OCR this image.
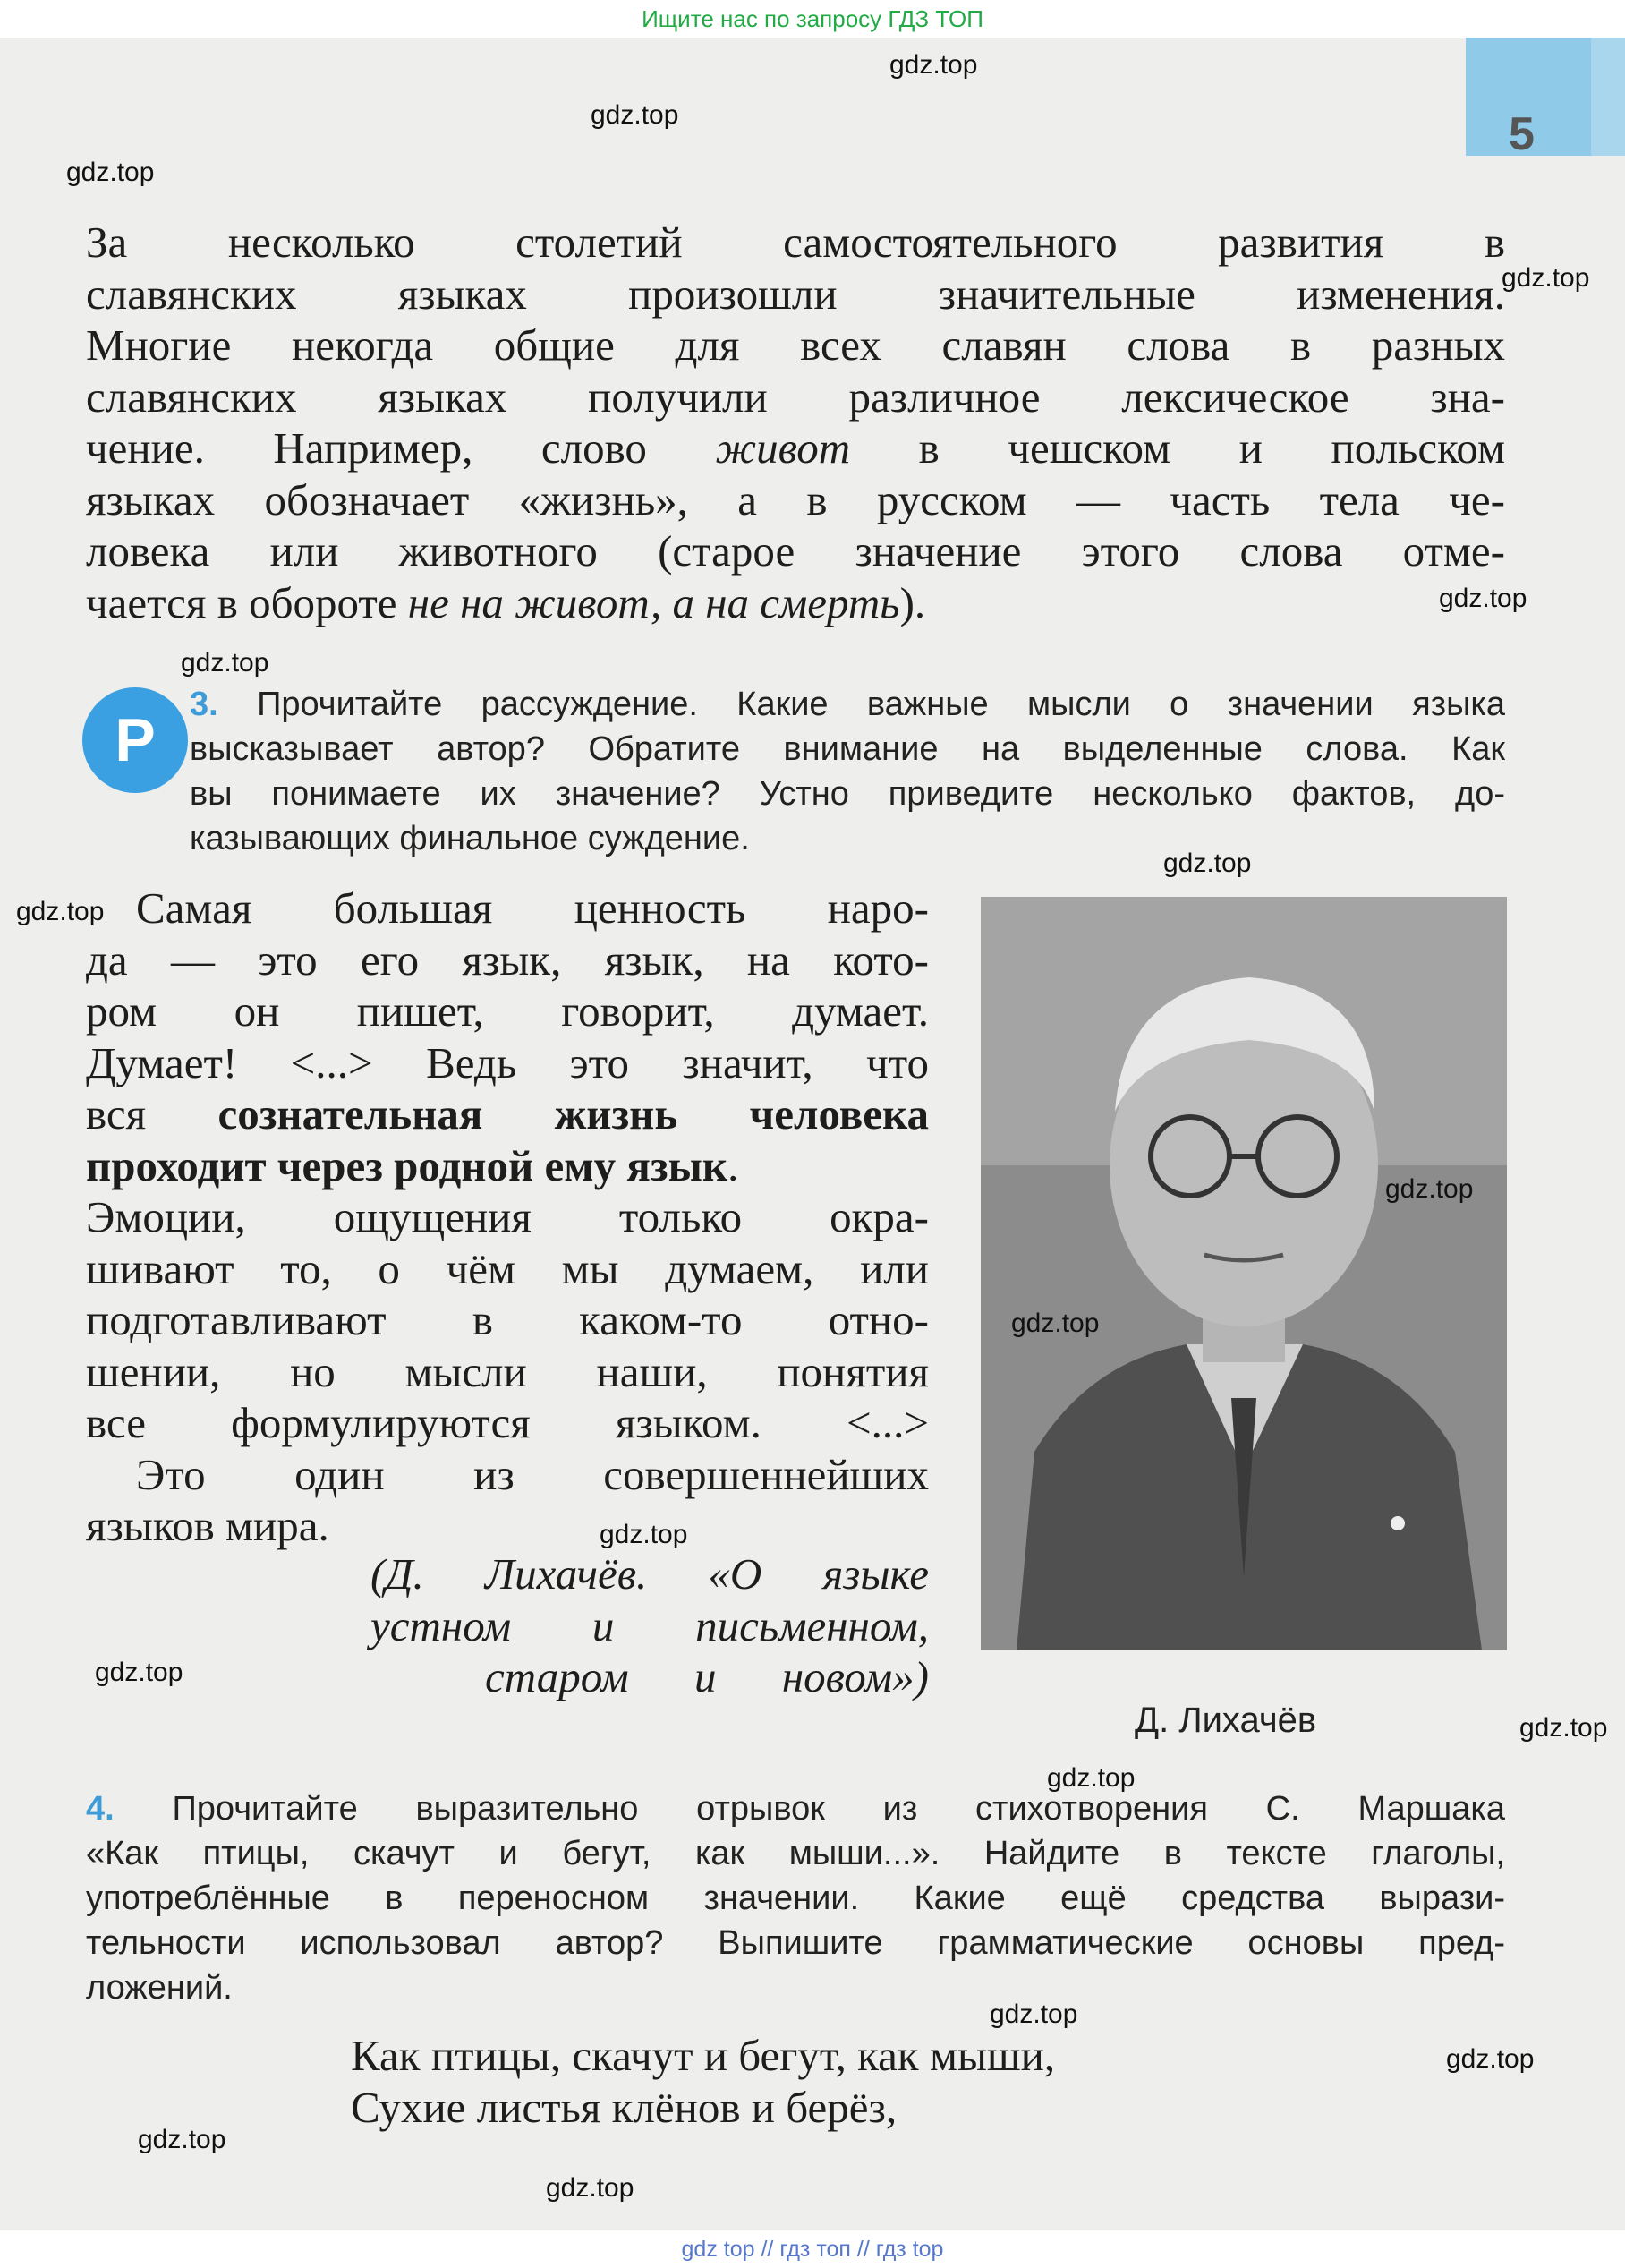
Ищите нас по запросу ГДЗ ТОП
5
За несколько столетий самостоятельного развития в
славянских языках произошли значительные изменения.
Многие некогда общие для всех славян слова в разных
славянских языках получили различное лексическое зна-
чение. Например, слово живот в чешском и польском
языках обозначает «жизнь», а в русском — часть тела че-
ловека или животного (старое значение этого слова отме-
чается в обороте не на живот, а на смерть).
Р
3. Прочитайте рассуждение. Какие важные мысли о значении языка
высказывает автор? Обратите внимание на выделенные слова. Как
вы понимаете их значение? Устно приведите несколько фактов, до-
казывающих финальное суждение.
Самая большая ценность наро-
да — это его язык, язык, на кото-
ром он пишет, говорит, думает.
Думает! <...> Ведь это значит, что
вся сознательная жизнь человека
проходит через родной ему язык.
Эмоции, ощущения только окра-
шивают то, о чём мы думаем, или
подготавливают в каком-то отно-
шении, но мысли наши, понятия
все формулируются языком. <...>
Это один из совершеннейших
языков мира.
(Д. Лихачёв. «О языке
устном и письменном,
старом и новом»)
Д. Лихачёв
4. Прочитайте выразительно отрывок из стихотворения С. Маршака
«Как птицы, скачут и бегут, как мыши...». Найдите в тексте глаголы,
употреблённые в переносном значении. Какие ещё средства вырази-
тельности использовал автор? Выпишите грамматические основы пред-
ложений.
Как птицы, скачут и бегут, как мыши,
Сухие листья клёнов и берёз,
gdz.top
gdz.top
gdz.top
gdz.top
gdz.top
gdz.top
gdz.top
gdz.top
gdz.top
gdz.top
gdz.top
gdz.top
gdz.top
gdz.top
gdz.top
gdz.top
gdz.top
gdz.top
gdz top // гдз топ // гдз top
